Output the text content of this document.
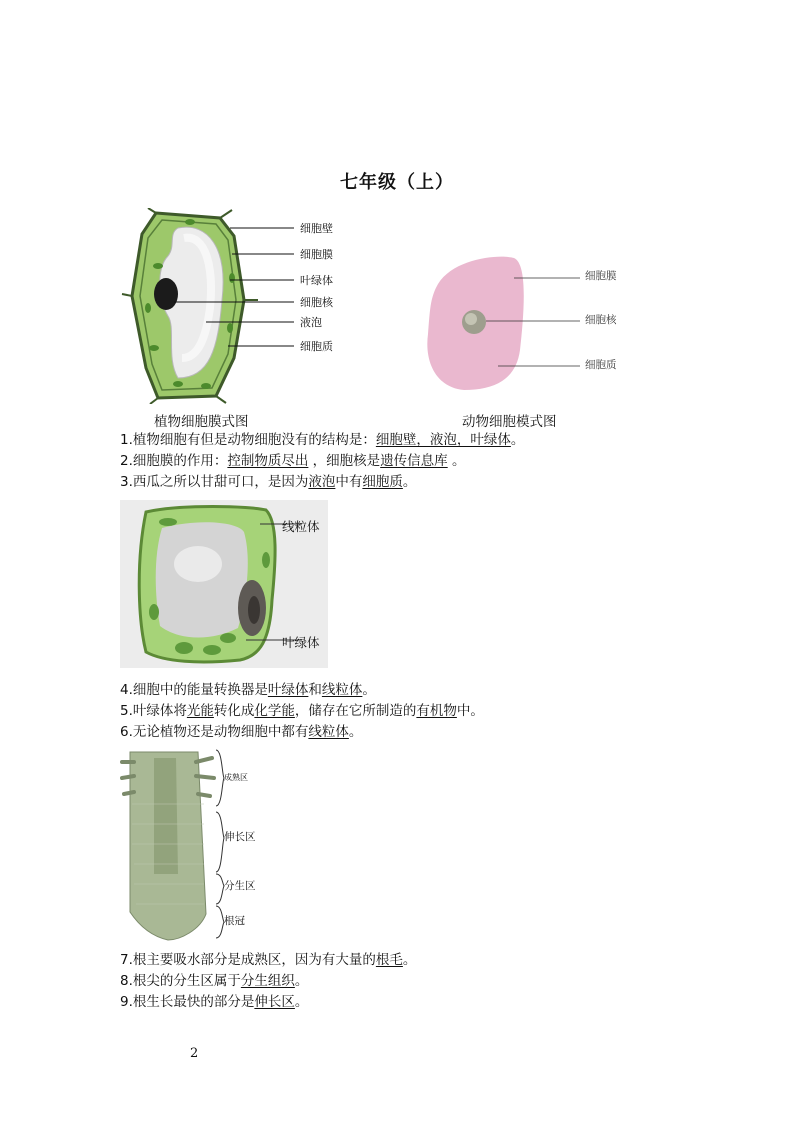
七年级（上）
细胞壁
细胞膜
叶绿体
细胞核
液泡
细胞质
细胞膜
细胞核
细胞质
植物细胞膜式图	动物细胞模式图
1.植物细胞有但是动物细胞没有的结构是：细胞壁，液泡，叶绿体。
2.细胞膜的作用：控制物质尽出 ，细胞核是遗传信息库 。
3.西瓜之所以甘甜可口，是因为液泡中有细胞质。
线粒体
叶绿体
4.细胞中的能量转换器是叶绿体和线粒体。
5.叶绿体将光能转化成化学能，储存在它所制造的有机物中。
6.无论植物还是动物细胞中都有线粒体。
成熟区
伸长区
分生区
根冠
7.根主要吸水部分是成熟区，因为有大量的根毛。
8.根尖的分生区属于分生组织。
9.根生长最快的部分是伸长区。
2
